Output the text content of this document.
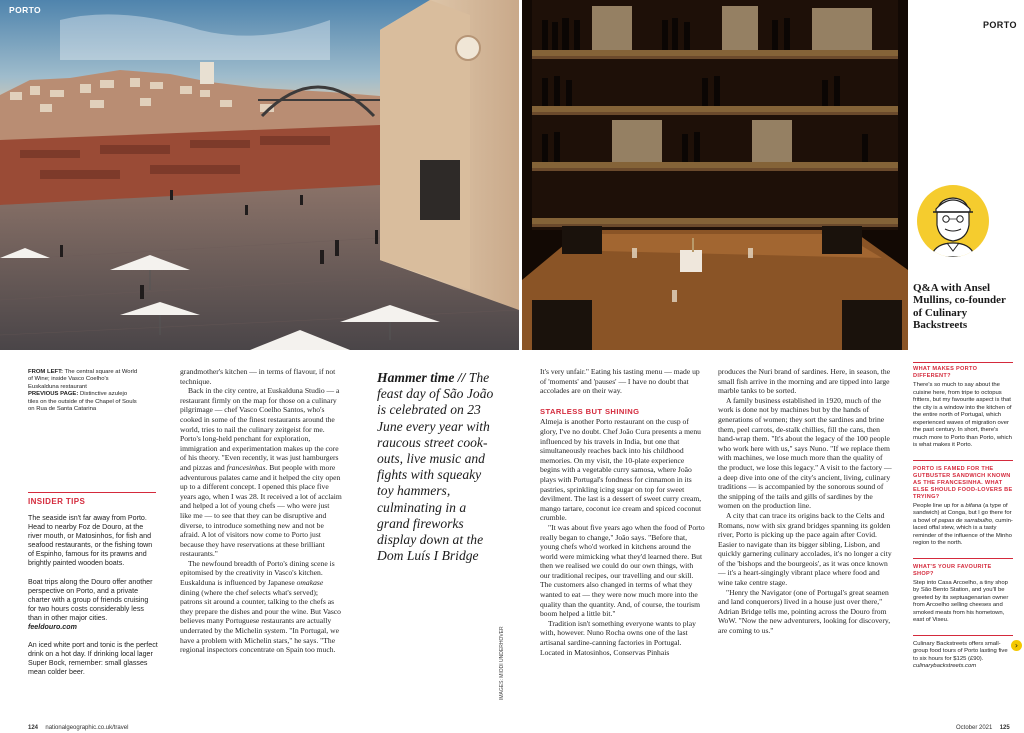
PORTO
PORTO
Q&A with Ansel Mullins, co-founder of Culinary Backstreets
FROM LEFT: The central square at World of Wine; inside Vasco Coelho's Euskalduna restaurant
PREVIOUS PAGE: Distinctive azulejo tiles on the outside of the Chapel of Souls on Rua de Santa Catarina
INSIDER TIPS

The seaside isn't far away from Porto. Head to nearby Foz de Douro, at the river mouth, or Matosinhos, for fish and seafood restaurants, or the fishing town of Espinho, famous for its prawns and brightly painted wooden boats.

Boat trips along the Douro offer another perspective on Porto, and a private charter with a group of friends cruising for two hours costs considerably less than in other major cities. feeldouro.com

An iced white port and tonic is the perfect drink on a hot day. If drinking local lager Super Bock, remember: small glasses mean colder beer.

grandmother's kitchen — in terms of flavour, if not technique.

Back in the city centre, at Euskalduna Studio — a restaurant firmly on the map for those on a culinary pilgrimage — chef Vasco Coelho Santos, who's cooked in some of the finest restaurants around the world, tries to nail the culinary zeitgeist for me. Porto's long-held penchant for exploration, immigration and experimentation makes up the core of his theory. "Even recently, it was just hamburgers and pizzas and francesinhas. But people with more adventurous palates came and it helped the city open up to a different concept. I opened this place five years ago, when I was 28. It received a lot of acclaim and helped a lot of young chefs — who were just like me — to see that they can be disruptive and diverse, to introduce something new and not be afraid. A lot of visitors now come to Porto just because they have reservations at these brilliant restaurants."

The newfound breadth of Porto's dining scene is epitomised by the creativity in Vasco's kitchen. Euskalduna is influenced by Japanese omakase dining (where the chef selects what's served); patrons sit around a counter, talking to the chefs as they prepare the dishes and pour the wine. But Vasco believes many Portuguese restaurants are actually underrated by the Michelin system. "In Portugal, we have a problem with Michelin stars," he says. "The regional inspectors concentrate on Spain too much.

Hammer time // The feast day of São João is celebrated on 23 June every year with raucous street cook-outs, live music and fights with squeaky toy hammers, culminating in a grand fireworks display down at the Dom Luís I Bridge
IMAGES: MIODI UNDERHOVER

It's very unfair." Eating his tasting menu — made up of 'moments' and 'pauses' — I have no doubt that accolades are on their way.

STARLESS BUT SHINING

Almeja is another Porto restaurant on the cusp of glory, I've no doubt. Chef João Cura presents a menu influenced by his travels in India, but one that simultaneously reaches back into his childhood memories. On my visit, the 10-plate experience begins with a vegetable curry samosa, where João plays with Portugal's fondness for cinnamon in its pastries, sprinkling icing sugar on top for sweet devilment. The last is a dessert of sweet curry cream, mango tartare, coconut ice cream and spiced coconut crumble.

"It was about five years ago when the food of Porto really began to change," João says. "Before that, young chefs who'd worked in kitchens around the world were mimicking what they'd learned there. But then we realised we could do our own things, with our traditional recipes, our travelling and our skill. The customers also changed in terms of what they wanted to eat — they were now much more into the quality than the quantity. And, of course, the tourism boom helped a little bit."

Tradition isn't something everyone wants to play with, however. Nuno Rocha owns one of the last artisanal sardine-canning factories in Portugal. Located in Matosinhos, Conservas Pinhais

produces the Nuri brand of sardines. Here, in season, the small fish arrive in the morning and are tipped into large marble tanks to be sorted.

A family business established in 1920, much of the work is done not by machines but by the hands of generations of women; they sort the sardines and brine them, peel carrots, de-stalk chillies, fill the cans, then hand-wrap them. "It's about the legacy of the 100 people who work here with us," says Nuno. "If we replace them with machines, we lose much more than the quality of the product, we lose this legacy." A visit to the factory — a deep dive into one of the city's ancient, living, culinary traditions — is accompanied by the sonorous sound of the snipping of the tails and gills of sardines by the women on the production line.

A city that can trace its origins back to the Celts and Romans, now with six grand bridges spanning its golden river, Porto is picking up the pace again after Covid. Easier to navigate than its bigger sibling, Lisbon, and quickly garnering culinary accolades, it's no longer a city of the 'bishops and the bourgeois', as it was once known — it's a heart-singingly vibrant place where food and wine take centre stage.

"Henry the Navigator (one of Portugal's great seamen and land conquerors) lived in a house just over there," Adrian Bridge tells me, pointing across the Douro from WoW. "Now the new adventurers, looking for discovery, are coming to us."

WHAT MAKES PORTO DIFFERENT?
There's so much to say about the cuisine here, from tripe to octopus fritters, but my favourite aspect is that the city is a window into the kitchen of the entire north of Portugal, which experienced waves of migration over the past century. In short, there's much more to Porto than Porto, which is what makes it Porto.
PORTO IS FAMED FOR THE GUTBUSTER SANDWICH KNOWN AS THE FRANCESINHA. WHAT ELSE SHOULD FOOD-LOVERS BE TRYING?
People line up for a bifana (a type of sandwich) at Conga, but I go there for a bowl of papas de sarrabulho, cumin-laced offal stew, which is a tasty reminder of the influence of the Minho region to the north.
WHAT'S YOUR FAVOURITE SHOP?
Step into Casa Arcoelho, a tiny shop by São Bento Station, and you'll be greeted by its septuagenarian owner from Arcoelho selling cheeses and smoked meats from his hometown, east of Viseu.
Culinary Backstreets offers small-group food tours of Porto lasting five to six hours for $125 (£90). culinarybackstreets.com
›
124 nationalgeographic.co.uk/travel	October 2021 125
